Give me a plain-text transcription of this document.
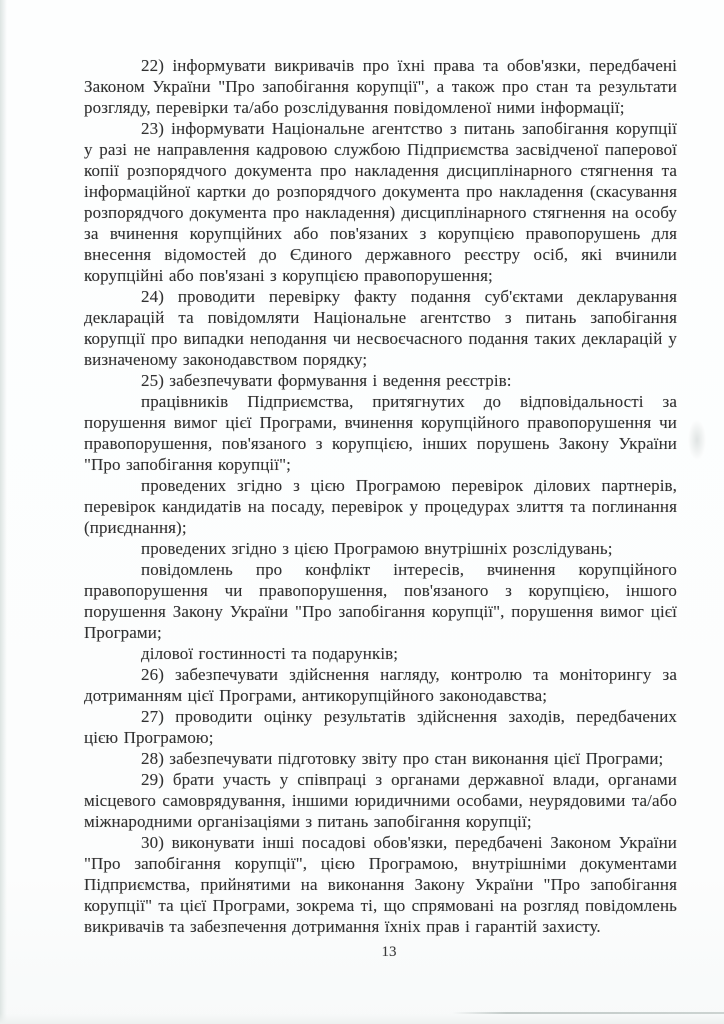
22) інформувати викривачів про їхні права та обов'язки, передбачені Законом України "Про запобігання корупції", а також про стан та результати розгляду, перевірки та/або розслідування повідомленої ними інформації;

23) інформувати Національне агентство з питань запобігання корупції у разі не направлення кадровою службою Підприємства засвідченої паперової копії розпорядчого документа про накладення дисциплінарного стягнення та інформаційної картки до розпорядчого документа про накладення (скасування розпорядчого документа про накладення) дисциплінарного стягнення на особу за вчинення корупційних або пов'язаних з корупцією правопорушень для внесення відомостей до Єдиного державного реєстру осіб, які вчинили корупційні або пов'язані з корупцією правопорушення;

24) проводити перевірку факту подання суб'єктами декларування декларацій та повідомляти Національне агентство з питань запобігання корупції про випадки неподання чи несвоєчасного подання таких декларацій у визначеному законодавством порядку;

25) забезпечувати формування і ведення реєстрів:

працівників Підприємства, притягнутих до відповідальності за порушення вимог цієї Програми, вчинення корупційного правопорушення чи правопорушення, пов'язаного з корупцією, інших порушень Закону України "Про запобігання корупції";

проведених згідно з цією Програмою перевірок ділових партнерів, перевірок кандидатів на посаду, перевірок у процедурах злиття та поглинання (приєднання);

проведених згідно з цією Програмою внутрішніх розслідувань;

повідомлень про конфлікт інтересів, вчинення корупційного правопорушення чи правопорушення, пов'язаного з корупцією, іншого порушення Закону України "Про запобігання корупції", порушення вимог цієї Програми;

ділової гостинності та подарунків;

26) забезпечувати здійснення нагляду, контролю та моніторингу за дотриманням цієї Програми, антикорупційного законодавства;

27) проводити оцінку результатів здійснення заходів, передбачених цією Програмою;

28) забезпечувати підготовку звіту про стан виконання цієї Програми;

29) брати участь у співпраці з органами державної влади, органами місцевого самоврядування, іншими юридичними особами, неурядовими та/або міжнародними організаціями з питань запобігання корупції;

30) виконувати інші посадові обов'язки, передбачені Законом України "Про запобігання корупції", цією Програмою, внутрішніми документами Підприємства, прийнятими на виконання Закону України "Про запобігання корупції" та цієї Програми, зокрема ті, що спрямовані на розгляд повідомлень викривачів та забезпечення дотримання їхніх прав і гарантій захисту.

13
